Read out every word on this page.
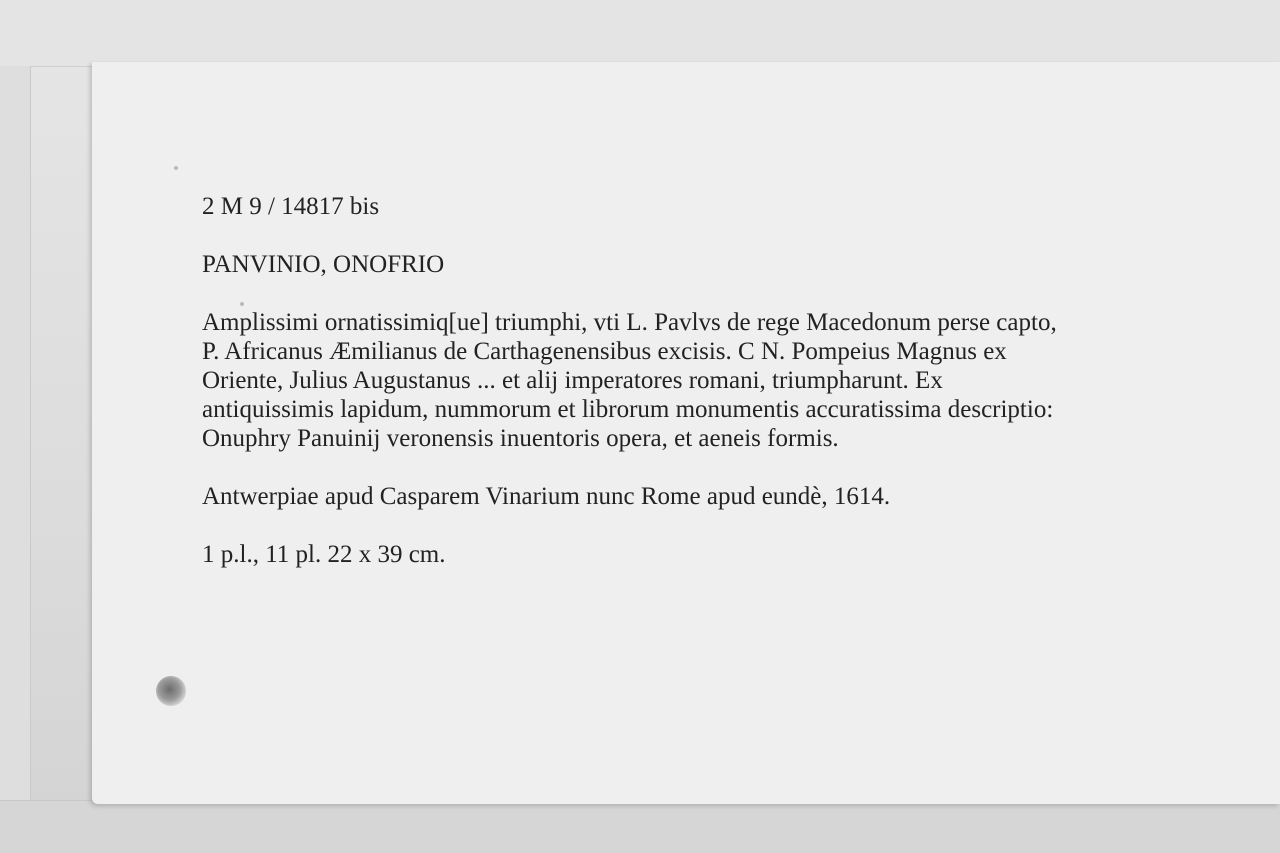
2 M 9 / 14817 bis

PANVINIO, ONOFRIO

Amplissimi ornatissimiq[ue] triumphi, vti L. Pavlvs de rege Macedonum perse capto,

P. Africanus Æmilianus de Carthagenensibus excisis. C N. Pompeius Magnus ex

Oriente, Julius Augustanus ... et alij imperatores romani, triumpharunt. Ex

antiquissimis lapidum, nummorum et librorum monumentis accuratissima descriptio:

Onuphry Panuinij veronensis inuentoris opera, et aeneis formis.

Antwerpiae apud Casparem Vinarium nunc Rome apud eundè, 1614.

1 p.l., 11 pl. 22 x 39 cm.
